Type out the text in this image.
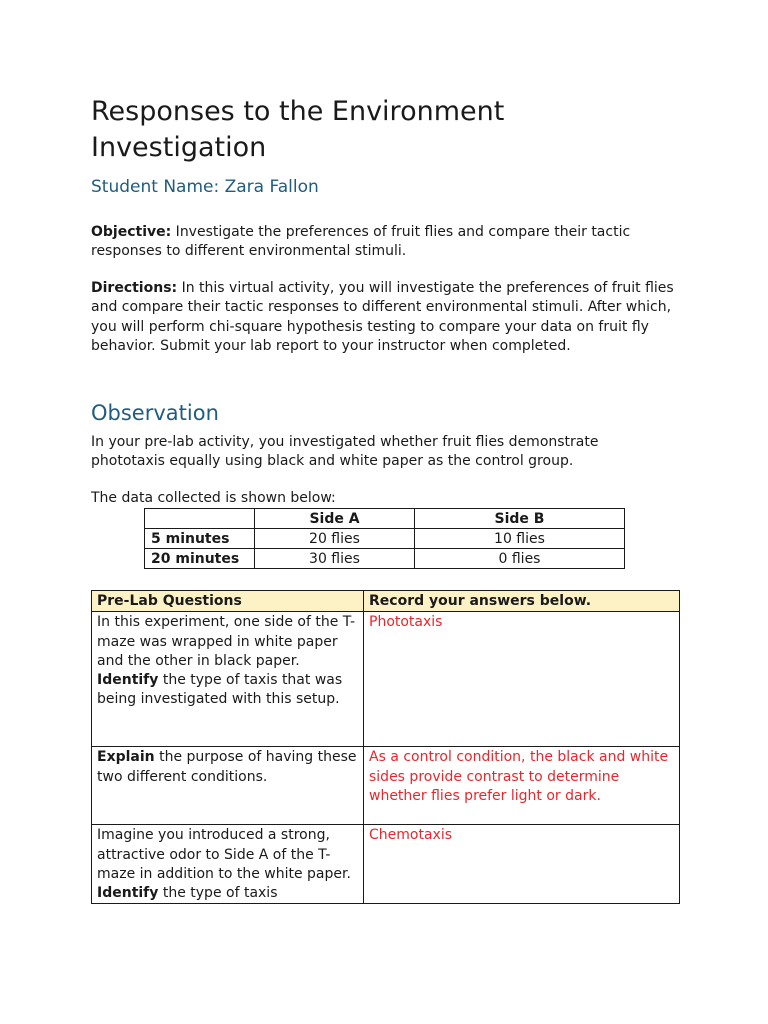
Responses to the Environment Investigation
Student Name: Zara Fallon

Objective: Investigate the preferences of fruit flies and compare their tactic responses to different environmental stimuli.

Directions: In this virtual activity, you will investigate the preferences of fruit flies and compare their tactic responses to different environmental stimuli. After which, you will perform chi-square hypothesis testing to compare your data on fruit fly behavior. Submit your lab report to your instructor when completed.

Observation

In your pre-lab activity, you investigated whether fruit flies demonstrate phototaxis equally using black and white paper as the control group.

The data collected is shown below:

	Side A	Side B
5 minutes	20 flies	10 flies
20 minutes	30 flies	0 flies
Pre-Lab Questions	Record your answers below.
In this experiment, one side of the T-maze was wrapped in white paper and the other in black paper. Identify the type of taxis that was being investigated with this setup.	Phototaxis
Explain the purpose of having these two different conditions.	As a control condition, the black and white sides provide contrast to determine whether flies prefer light or dark.
Imagine you introduced a strong, attractive odor to Side A of the T-maze in addition to the white paper. Identify the type of taxis	Chemotaxis
